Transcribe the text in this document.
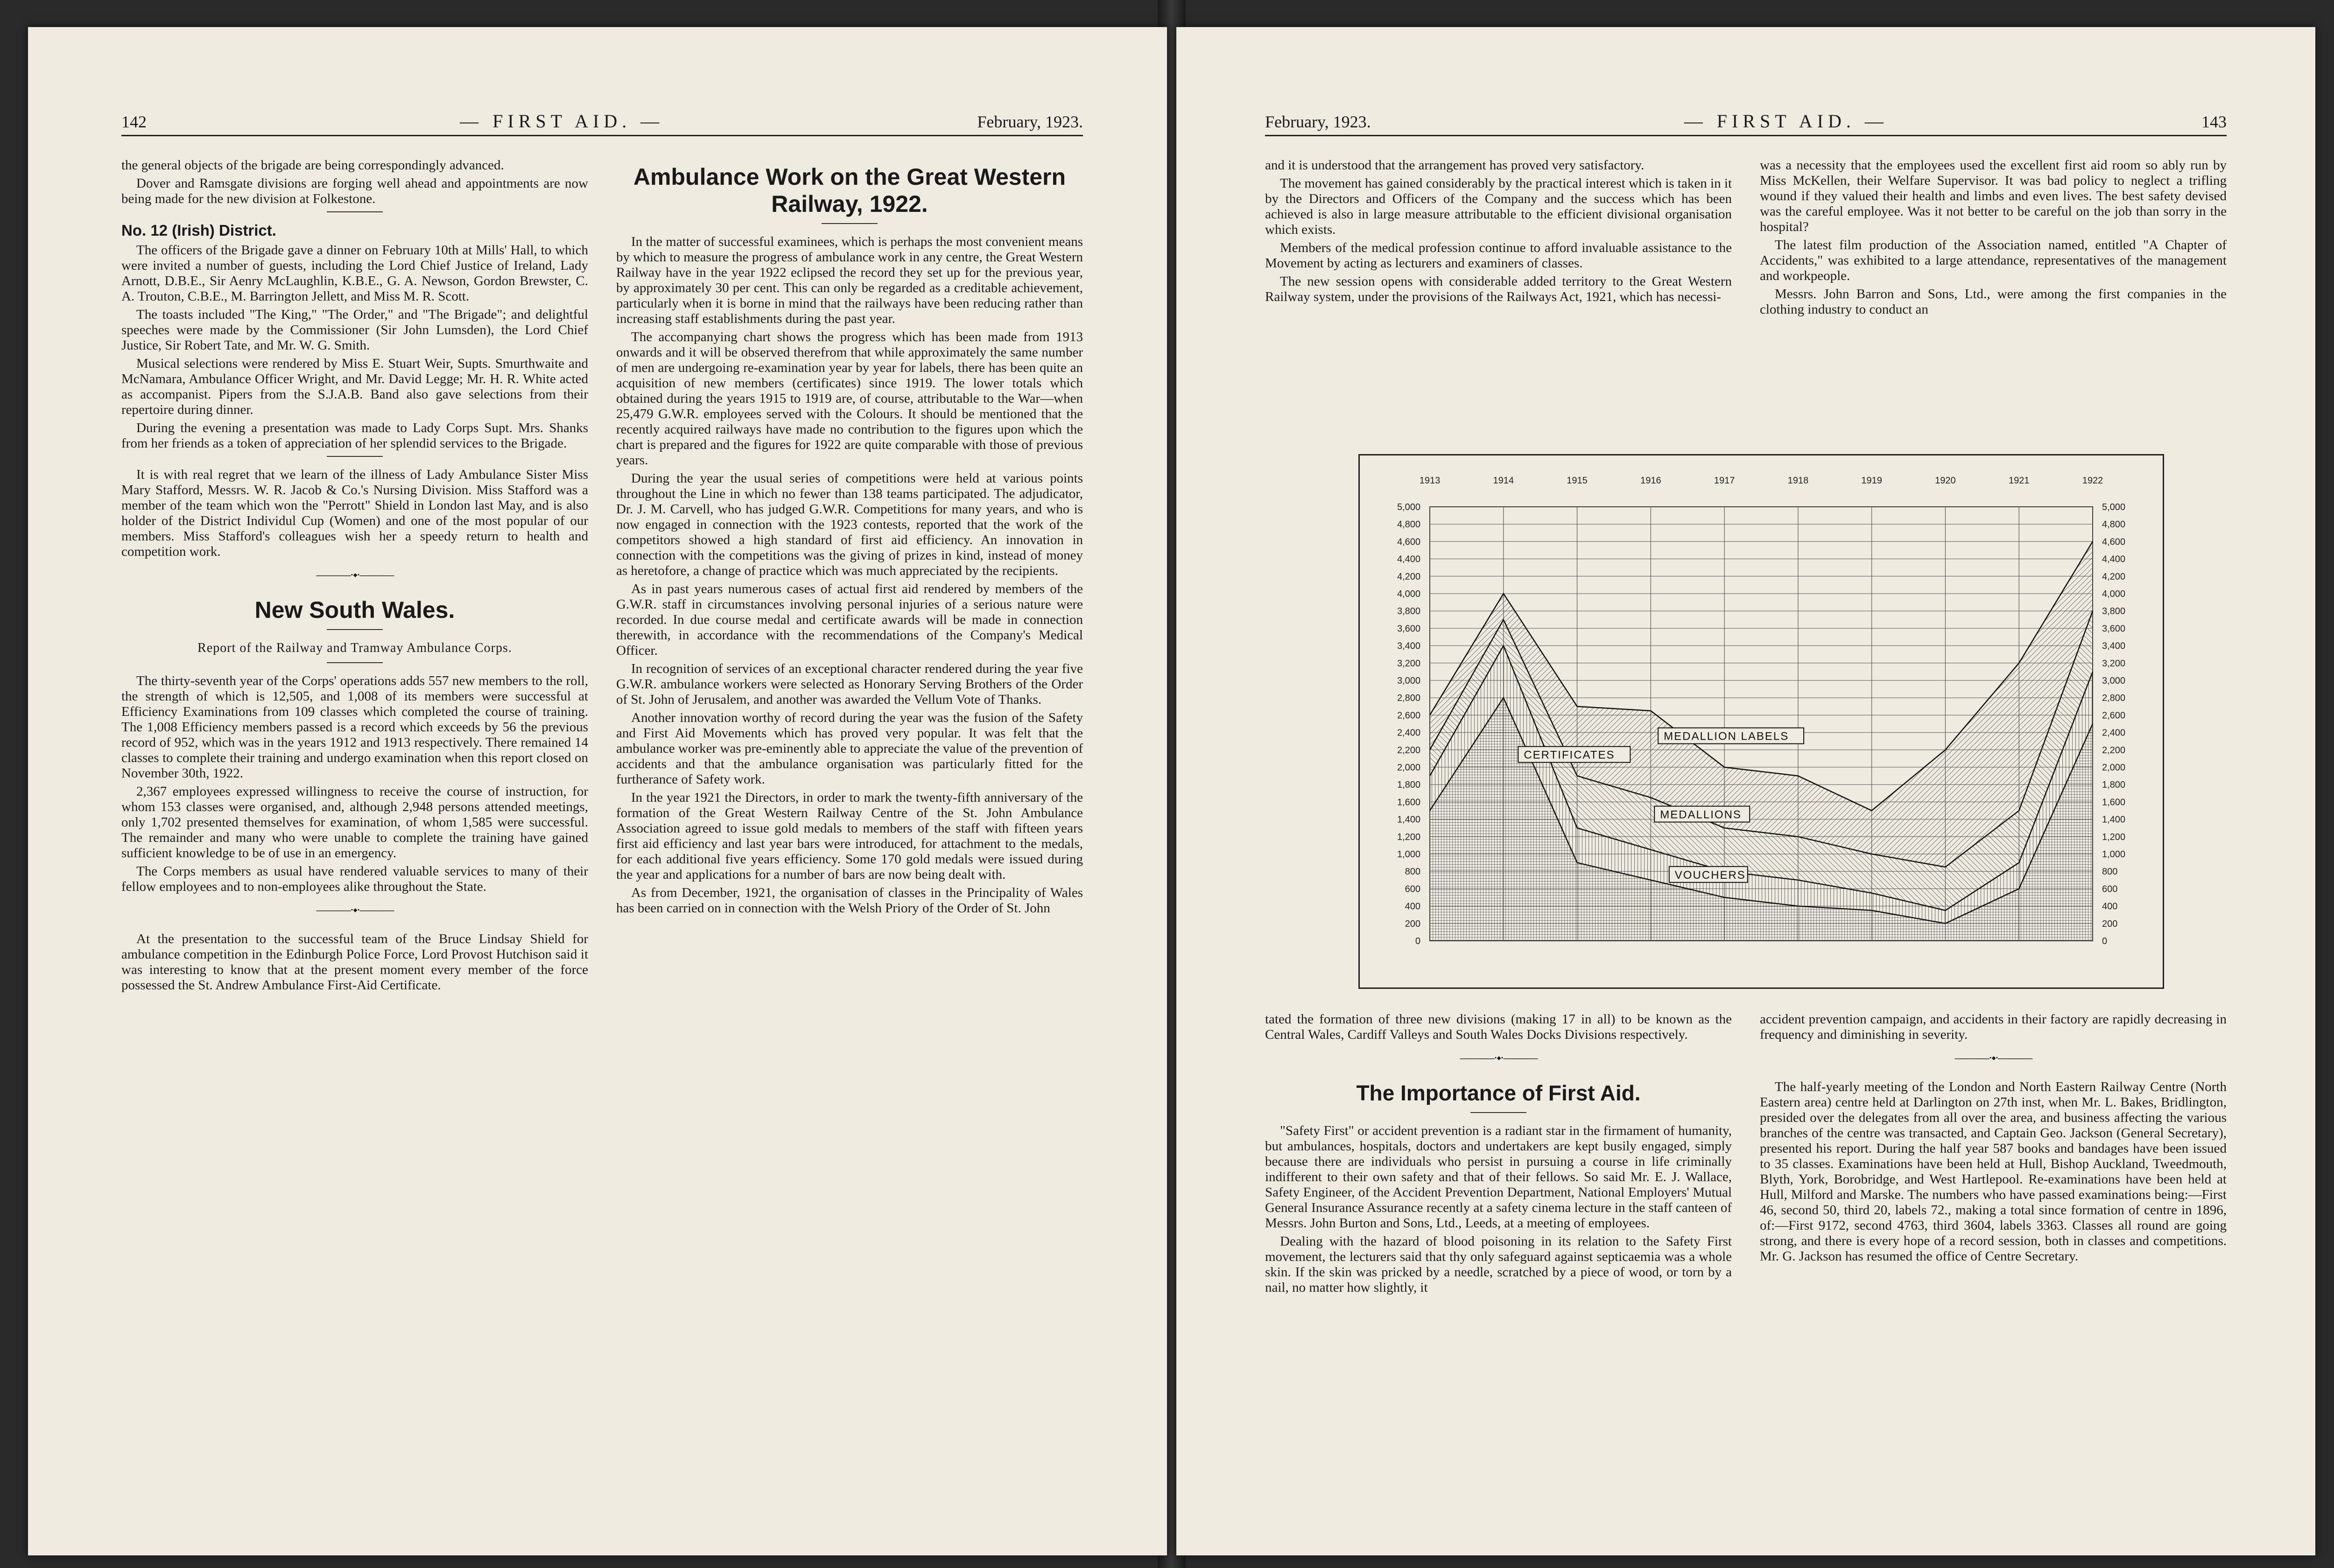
142	— FIRST AID. —	February, 1923.

the general objects of the brigade are being correspondingly advanced.

Dover and Ramsgate divisions are forging well ahead and appointments are now being made for the new division at Folkestone.

No. 12 (Irish) District.

The officers of the Brigade gave a dinner on February 10th at Mills' Hall, to which were invited a number of guests, including the Lord Chief Justice of Ireland, Lady Arnott, D.B.E., Sir Aenry McLaughlin, K.B.E., G. A. Newson, Gordon Brewster, C. A. Trouton, C.B.E., M. Barrington Jellett, and Miss M. R. Scott.

The toasts included "The King," "The Order," and "The Brigade"; and delightful speeches were made by the Commissioner (Sir John Lumsden), the Lord Chief Justice, Sir Robert Tate, and Mr. W. G. Smith.

Musical selections were rendered by Miss E. Stuart Weir, Supts. Smurthwaite and McNamara, Ambulance Officer Wright, and Mr. David Legge; Mr. H. R. White acted as accompanist. Pipers from the S.J.A.B. Band also gave selections from their repertoire during dinner.

During the evening a presentation was made to Lady Corps Supt. Mrs. Shanks from her friends as a token of appreciation of her splendid services to the Brigade.

It is with real regret that we learn of the illness of Lady Ambulance Sister Miss Mary Stafford, Messrs. W. R. Jacob & Co.'s Nursing Division. Miss Stafford was a member of the team which won the "Perrott" Shield in London last May, and is also holder of the District Individul Cup (Women) and one of the most popular of our members. Miss Stafford's colleagues wish her a speedy return to health and competition work.

———·⬩·———
New South Wales.
Report of the Railway and Tramway Ambulance Corps.

The thirty-seventh year of the Corps' operations adds 557 new members to the roll, the strength of which is 12,505, and 1,008 of its members were successful at Efficiency Examinations from 109 classes which completed the course of training. The 1,008 Efficiency members passed is a record which exceeds by 56 the previous record of 952, which was in the years 1912 and 1913 respectively. There remained 14 classes to complete their training and undergo examination when this report closed on November 30th, 1922.

2,367 employees expressed willingness to receive the course of instruction, for whom 153 classes were organised, and, although 2,948 persons attended meetings, only 1,702 presented themselves for examination, of whom 1,585 were successful. The remainder and many who were unable to complete the training have gained sufficient knowledge to be of use in an emergency.

The Corps members as usual have rendered valuable services to many of their fellow employees and to non-employees alike throughout the State.

———·⬩·———

At the presentation to the successful team of the Bruce Lindsay Shield for ambulance competition in the Edinburgh Police Force, Lord Provost Hutchison said it was interesting to know that at the present moment every member of the force possessed the St. Andrew Ambulance First-Aid Certificate.

Ambulance Work on the Great Western Railway, 1922.

In the matter of successful examinees, which is perhaps the most convenient means by which to measure the progress of ambulance work in any centre, the Great Western Railway have in the year 1922 eclipsed the record they set up for the previous year, by approximately 30 per cent. This can only be regarded as a creditable achievement, particularly when it is borne in mind that the railways have been reducing rather than increasing staff establishments during the past year.

The accompanying chart shows the progress which has been made from 1913 onwards and it will be observed therefrom that while approximately the same number of men are undergoing re-examination year by year for labels, there has been quite an acquisition of new members (certificates) since 1919. The lower totals which obtained during the years 1915 to 1919 are, of course, attributable to the War—when 25,479 G.W.R. employees served with the Colours. It should be mentioned that the recently acquired railways have made no contribution to the figures upon which the chart is prepared and the figures for 1922 are quite comparable with those of previous years.

During the year the usual series of competitions were held at various points throughout the Line in which no fewer than 138 teams participated. The adjudicator, Dr. J. M. Carvell, who has judged G.W.R. Competitions for many years, and who is now engaged in connection with the 1923 contests, reported that the work of the competitors showed a high standard of first aid efficiency. An innovation in connection with the competitions was the giving of prizes in kind, instead of money as heretofore, a change of practice which was much appreciated by the recipients.

As in past years numerous cases of actual first aid rendered by members of the G.W.R. staff in circumstances involving personal injuries of a serious nature were recorded. In due course medal and certificate awards will be made in connection therewith, in accordance with the recommendations of the Company's Medical Officer.

In recognition of services of an exceptional character rendered during the year five G.W.R. ambulance workers were selected as Honorary Serving Brothers of the Order of St. John of Jerusalem, and another was awarded the Vellum Vote of Thanks.

Another innovation worthy of record during the year was the fusion of the Safety and First Aid Movements which has proved very popular. It was felt that the ambulance worker was pre-eminently able to appreciate the value of the prevention of accidents and that the ambulance organisation was particularly fitted for the furtherance of Safety work.

In the year 1921 the Directors, in order to mark the twenty-fifth anniversary of the formation of the Great Western Railway Centre of the St. John Ambulance Association agreed to issue gold medals to members of the staff with fifteen years first aid efficiency and last year bars were introduced, for attachment to the medals, for each additional five years efficiency. Some 170 gold medals were issued during the year and applications for a number of bars are now being dealt with.

As from December, 1921, the organisation of classes in the Principality of Wales has been carried on in connection with the Welsh Priory of the Order of St. John

February, 1923.	— FIRST AID. —	143

and it is understood that the arrangement has proved very satisfactory.

The movement has gained considerably by the practical interest which is taken in it by the Directors and Officers of the Company and the success which has been achieved is also in large measure attributable to the efficient divisional organisation which exists.

Members of the medical profession continue to afford invaluable assistance to the Movement by acting as lecturers and examiners of classes.

The new session opens with considerable added territory to the Great Western Railway system, under the provisions of the Railways Act, 1921, which has necessi-

was a necessity that the employees used the excellent first aid room so ably run by Miss McKellen, their Welfare Supervisor. It was bad policy to neglect a trifling wound if they valued their health and limbs and even lives. The best safety devised was the careful employee. Was it not better to be careful on the job than sorry in the hospital?

The latest film production of the Association named, entitled "A Chapter of Accidents," was exhibited to a large attendance, representatives of the management and workpeople.

Messrs. John Barron and Sons, Ltd., were among the first companies in the clothing industry to conduct an

5,000	5,000
4,800	4,800
4,600	4,600
4,400	4,400
4,200	4,200
4,000	4,000
3,800	3,800
3,600	3,600
3,400	3,400
3,200	3,200
3,000	3,000
2,800	2,800
2,600	2,600
2,400	2,400
2,200	2,200
2,000	2,000
1,800	1,800
1,600	1,600
1,400	1,400
1,200	1,200
1,000	1,000
800	800
600	600
400	400
200	200
0	0
1913	1914	1915	1916	1917	1918	1919	1920	1921	1922
CERTIFICATES
VOUCHERS
MEDALLIONS
MEDALLION LABELS

tated the formation of three new divisions (making 17 in all) to be known as the Central Wales, Cardiff Valleys and South Wales Docks Divisions respectively.

———·⬩·———
The Importance of First Aid.

"Safety First" or accident prevention is a radiant star in the firmament of humanity, but ambulances, hospitals, doctors and undertakers are kept busily engaged, simply because there are individuals who persist in pursuing a course in life criminally indifferent to their own safety and that of their fellows. So said Mr. E. J. Wallace, Safety Engineer, of the Accident Prevention Department, National Employers' Mutual General Insurance Assurance recently at a safety cinema lecture in the staff canteen of Messrs. John Burton and Sons, Ltd., Leeds, at a meeting of employees.

Dealing with the hazard of blood poisoning in its relation to the Safety First movement, the lecturers said that thy only safeguard against septicaemia was a whole skin. If the skin was pricked by a needle, scratched by a piece of wood, or torn by a nail, no matter how slightly, it

accident prevention campaign, and accidents in their factory are rapidly decreasing in frequency and diminishing in severity.

———·⬩·———

The half-yearly meeting of the London and North Eastern Railway Centre (North Eastern area) centre held at Darlington on 27th inst, when Mr. L. Bakes, Bridlington, presided over the delegates from all over the area, and business affecting the various branches of the centre was transacted, and Captain Geo. Jackson (General Secretary), presented his report. During the half year 587 books and bandages have been issued to 35 classes. Examinations have been held at Hull, Bishop Auckland, Tweedmouth, Blyth, York, Borobridge, and West Hartlepool. Re-examinations have been held at Hull, Milford and Marske. The numbers who have passed examinations being:—First 46, second 50, third 20, labels 72., making a total since formation of centre in 1896, of:—First 9172, second 4763, third 3604, labels 3363. Classes all round are going strong, and there is every hope of a record session, both in classes and competitions. Mr. G. Jackson has resumed the office of Centre Secretary.
